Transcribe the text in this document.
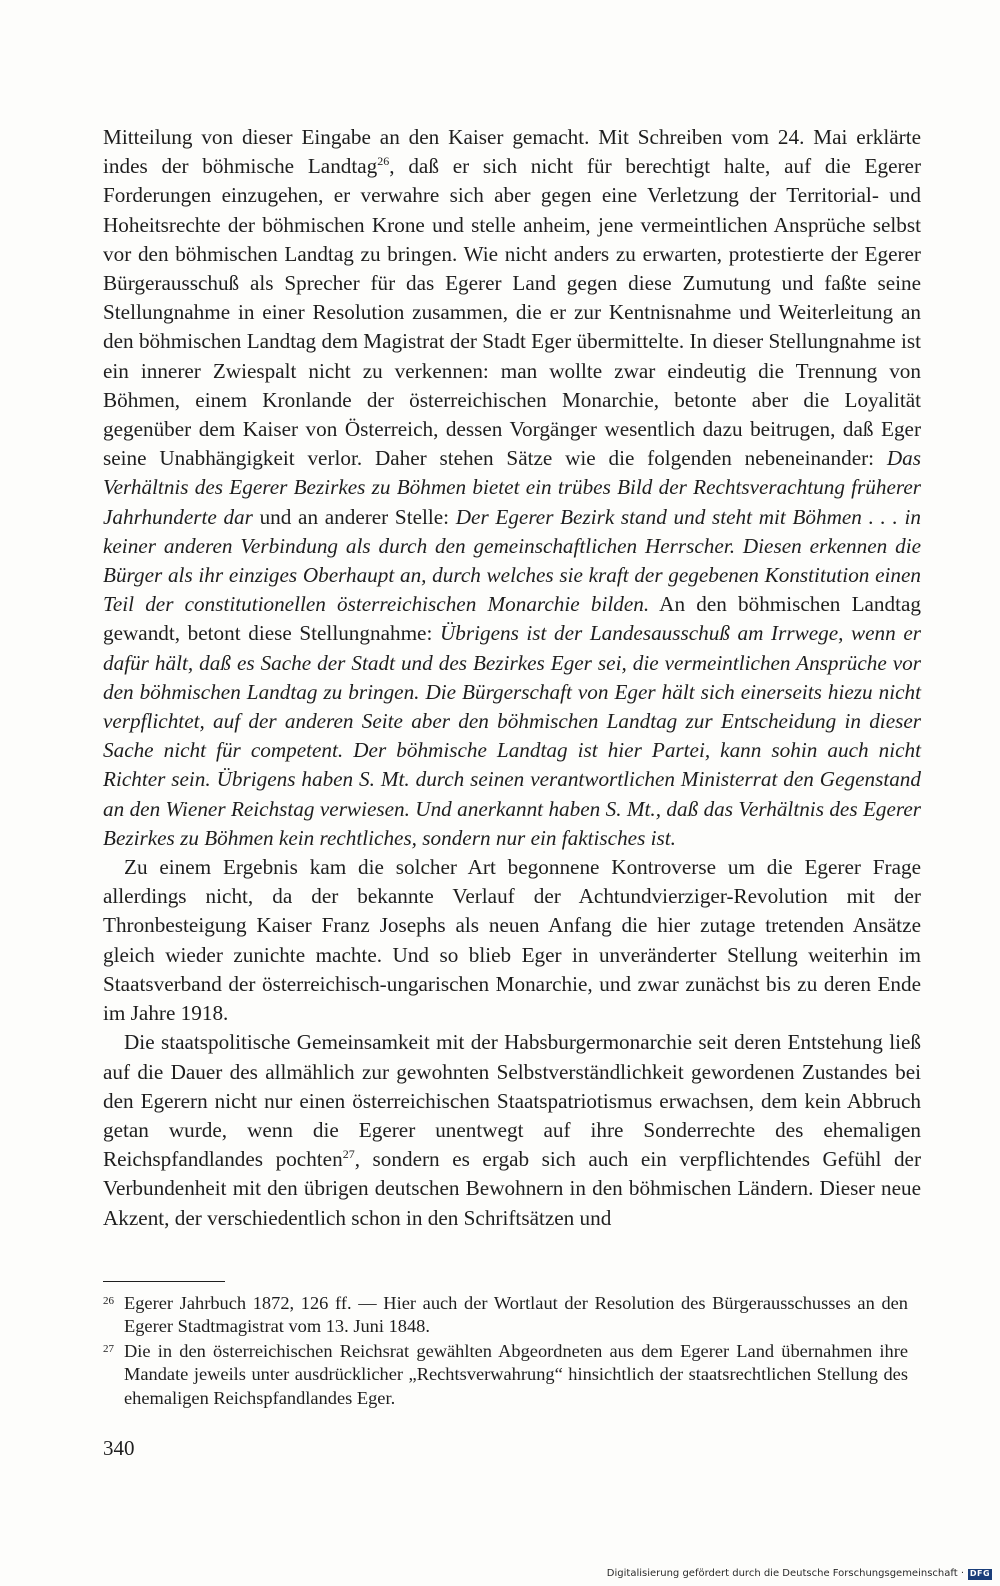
Mitteilung von dieser Eingabe an den Kaiser gemacht. Mit Schreiben vom 24. Mai erklärte indes der böhmische Landtag$^{26}$, daß er sich nicht für berechtigt halte, auf die Egerer Forderungen einzugehen, er verwahre sich aber gegen eine Verletzung der Territorial- und Hoheitsrechte der böhmischen Krone und stelle anheim, jene vermeintlichen Ansprüche selbst vor den böhmischen Landtag zu bringen. Wie nicht anders zu erwarten, protestierte der Egerer Bürgerausschuß als Sprecher für das Egerer Land gegen diese Zumutung und faßte seine Stellungnahme in einer Resolution zusammen, die er zur Kentnisnahme und Weiterleitung an den böhmischen Landtag dem Magistrat der Stadt Eger übermittelte. In dieser Stellungnahme ist ein innerer Zwiespalt nicht zu verkennen: man wollte zwar eindeutig die Trennung von Böhmen, einem Kronlande der österreichischen Monarchie, betonte aber die Loyalität gegenüber dem Kaiser von Österreich, dessen Vorgänger wesentlich dazu beitrugen, daß Eger seine Unabhängigkeit verlor. Daher stehen Sätze wie die folgenden nebeneinander: Das Verhältnis des Egerer Bezirkes zu Böhmen bietet ein trübes Bild der Rechtsverachtung früherer Jahrhunderte dar und an anderer Stelle: Der Egerer Bezirk stand und steht mit Böhmen . . . in keiner anderen Verbindung als durch den gemeinschaftlichen Herrscher. Diesen erkennen die Bürger als ihr einziges Oberhaupt an, durch welches sie kraft der gegebenen Konstitution einen Teil der constitutionellen österreichischen Monarchie bilden. An den böhmischen Landtag gewandt, betont diese Stellungnahme: Übrigens ist der Landesausschuß am Irrwege, wenn er dafür hält, daß es Sache der Stadt und des Bezirkes Eger sei, die vermeintlichen Ansprüche vor den böhmischen Landtag zu bringen. Die Bürgerschaft von Eger hält sich einerseits hiezu nicht verpflichtet, auf der anderen Seite aber den böhmischen Landtag zur Entscheidung in dieser Sache nicht für competent. Der böhmische Landtag ist hier Partei, kann sohin auch nicht Richter sein. Übrigens haben S. Mt. durch seinen verantwortlichen Ministerrat den Gegenstand an den Wiener Reichstag verwiesen. Und anerkannt haben S. Mt., daß das Verhältnis des Egerer Bezirkes zu Böhmen kein rechtliches, sondern nur ein faktisches ist.

Zu einem Ergebnis kam die solcher Art begonnene Kontroverse um die Egerer Frage allerdings nicht, da der bekannte Verlauf der Achtundvierziger-Revolution mit der Thronbesteigung Kaiser Franz Josephs als neuen Anfang die hier zutage tretenden Ansätze gleich wieder zunichte machte. Und so blieb Eger in unveränderter Stellung weiterhin im Staatsverband der österreichisch-ungarischen Monarchie, und zwar zunächst bis zu deren Ende im Jahre 1918.

Die staatspolitische Gemeinsamkeit mit der Habsburgermonarchie seit deren Entstehung ließ auf die Dauer des allmählich zur gewohnten Selbstverständlichkeit gewordenen Zustandes bei den Egerern nicht nur einen österreichischen Staatspatriotismus erwachsen, dem kein Abbruch getan wurde, wenn die Egerer unentwegt auf ihre Sonderrechte des ehemaligen Reichspfandlandes pochten$^{27}$, sondern es ergab sich auch ein verpflichtendes Gefühl der Verbundenheit mit den übrigen deutschen Bewohnern in den böhmischen Ländern. Dieser neue Akzent, der verschiedentlich schon in den Schriftsätzen und

26 Egerer Jahrbuch 1872, 126 ff. — Hier auch der Wortlaut der Resolution des Bürgerausschusses an den Egerer Stadtmagistrat vom 13. Juni 1848.
27 Die in den österreichischen Reichsrat gewählten Abgeordneten aus dem Egerer Land übernahmen ihre Mandate jeweils unter ausdrücklicher „Rechtsverwahrung“ hinsichtlich der staatsrechtlichen Stellung des ehemaligen Reichspfandlandes Eger.
340
Digitalisierung gefördert durch die Deutsche Forschungsgemeinschaft · DFG
